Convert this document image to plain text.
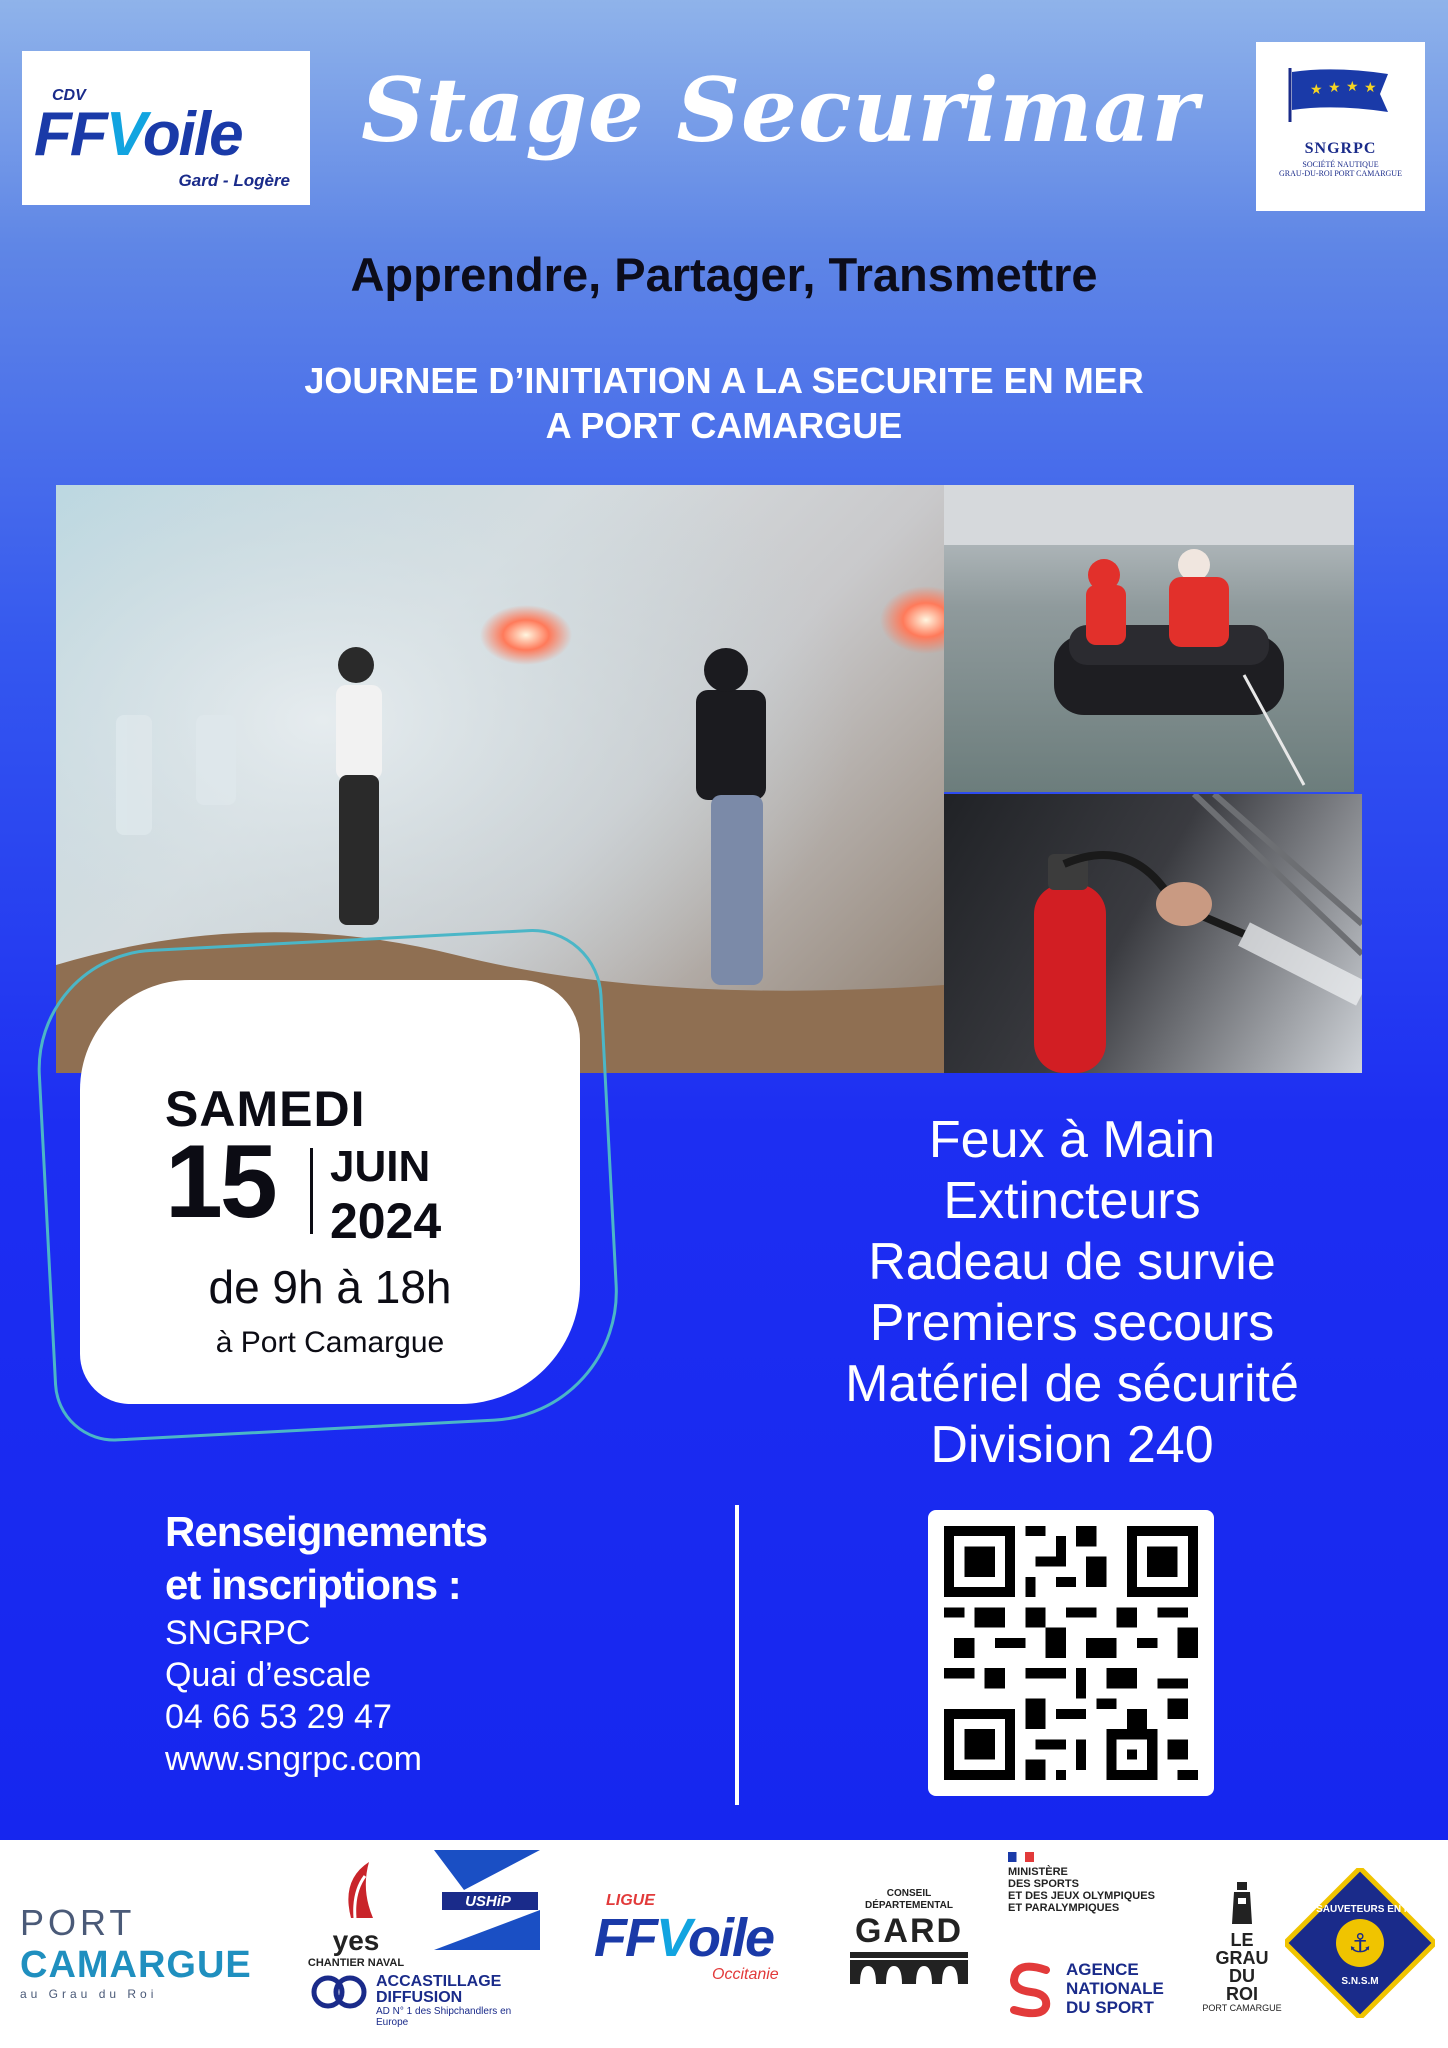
CDV
FFVoile
Gard - Logère
★ ★ ★ ★
SNGRPC
SOCIÉTÉ NAUTIQUE
GRAU-DU-ROI PORT CAMARGUE
Stage Securimar
Apprendre, Partager, Transmettre
JOURNEE D’INITIATION A LA SECURITE EN MER
A PORT CAMARGUE
SAMEDI
15 JUIN
2024
de 9h à 18h
à Port Camargue
Feux à Main
Extincteurs
Radeau de survie
Premiers secours
Matériel de sécurité
Division 240
Renseignements
et inscriptions :
SNGRPC
Quai d’escale
04 66 53 29 47
www.sngrpc.com
PORT
CAMARGUE
au Grau du Roi
yes
CHANTIER NAVAL
USHiP
ACCASTILLAGE
DIFFUSION
AD N° 1 des Shipchandlers en Europe
LIGUE
FFVoile
Occitanie
CONSEIL
DÉPARTEMENTAL
GARD
MINISTÈRE
DES SPORTS
ET DES JEUX OLYMPIQUES
ET PARALYMPIQUES
AGENCE
NATIONALE
DU SPORT
LE
GRAU
DU
ROI
PORT CAMARGUE
⚓
LES SAUVETEURS EN MER
S.N.S.M
